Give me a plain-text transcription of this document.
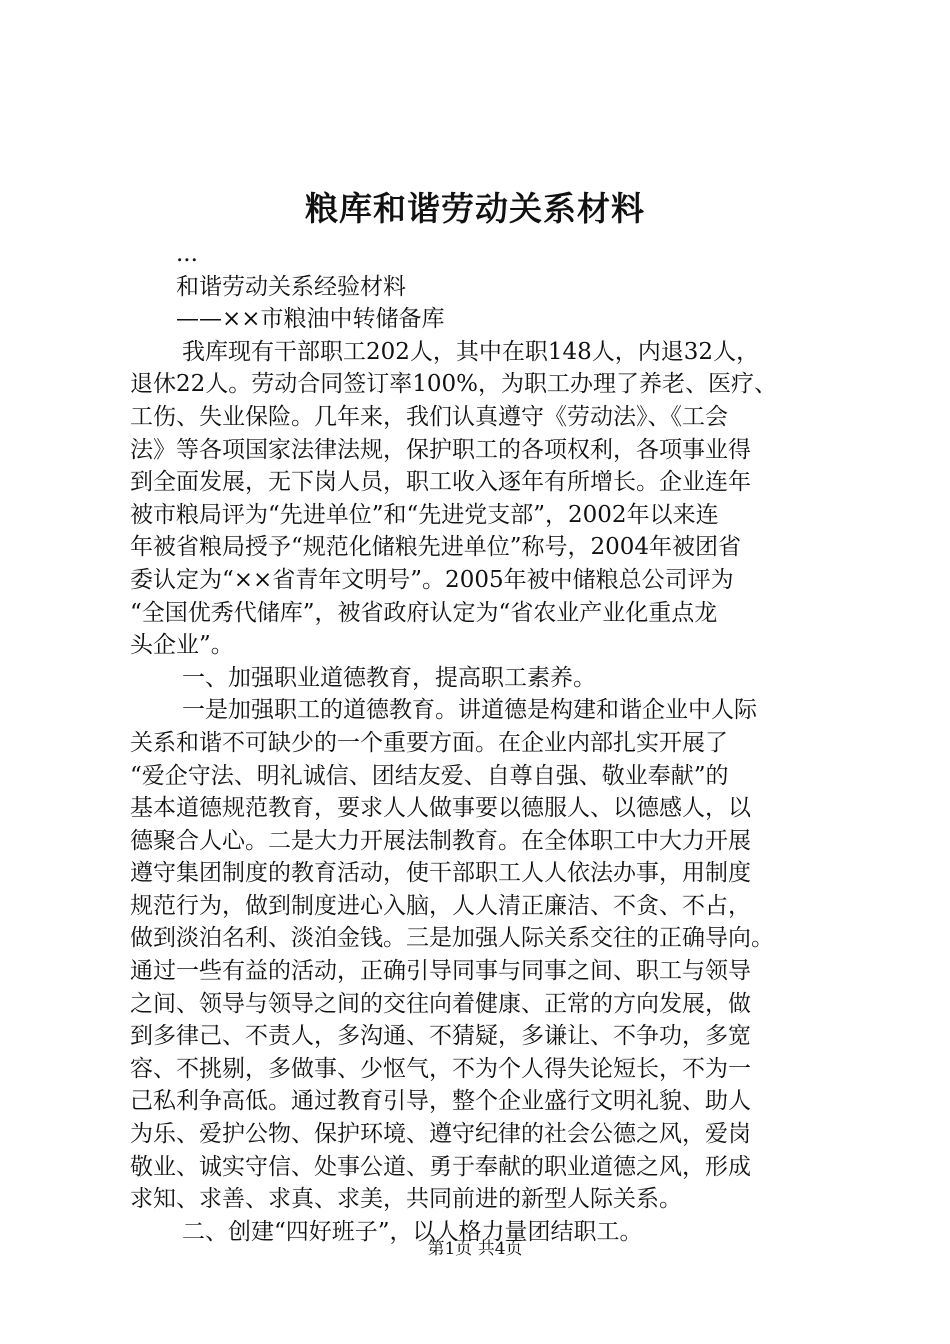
粮库和谐劳动关系材料
...
和谐劳动关系经验材料
——××市粮油中转储备库
我库现有干部职工202人，其中在职148人，内退32人，
退休22人。劳动合同签订率100%，为职工办理了养老、医疗、
工伤、失业保险。几年来，我们认真遵守《劳动法》、《工会
法》等各项国家法律法规，保护职工的各项权利，各项事业得
到全面发展，无下岗人员，职工收入逐年有所增长。企业连年
被市粮局评为“先进单位”和“先进党支部”，2002年以来连
年被省粮局授予“规范化储粮先进单位”称号，2004年被团省
委认定为“××省青年文明号”。2005年被中储粮总公司评为
“全国优秀代储库”，被省政府认定为“省农业产业化重点龙
头企业”。
一、加强职业道德教育，提高职工素养。
一是加强职工的道德教育。讲道德是构建和谐企业中人际
关系和谐不可缺少的一个重要方面。在企业内部扎实开展了
“爱企守法、明礼诚信、团结友爱、自尊自强、敬业奉献”的
基本道德规范教育，要求人人做事要以德服人、以德感人，以
德聚合人心。二是大力开展法制教育。在全体职工中大力开展
遵守集团制度的教育活动，使干部职工人人依法办事，用制度
规范行为，做到制度进心入脑，人人清正廉洁、不贪、不占，
做到淡泊名利、淡泊金钱。三是加强人际关系交往的正确导向。
通过一些有益的活动，正确引导同事与同事之间、职工与领导
之间、领导与领导之间的交往向着健康、正常的方向发展，做
到多律己、不责人，多沟通、不猜疑，多谦让、不争功，多宽
容、不挑剔，多做事、少怄气，不为个人得失论短长，不为一
己私利争高低。通过教育引导，整个企业盛行文明礼貌、助人
为乐、爱护公物、保护环境、遵守纪律的社会公德之风，爱岗
敬业、诚实守信、处事公道、勇于奉献的职业道德之风，形成
求知、求善、求真、求美，共同前进的新型人际关系。
二、创建“四好班子”，以人格力量团结职工。
第1页 共4页
